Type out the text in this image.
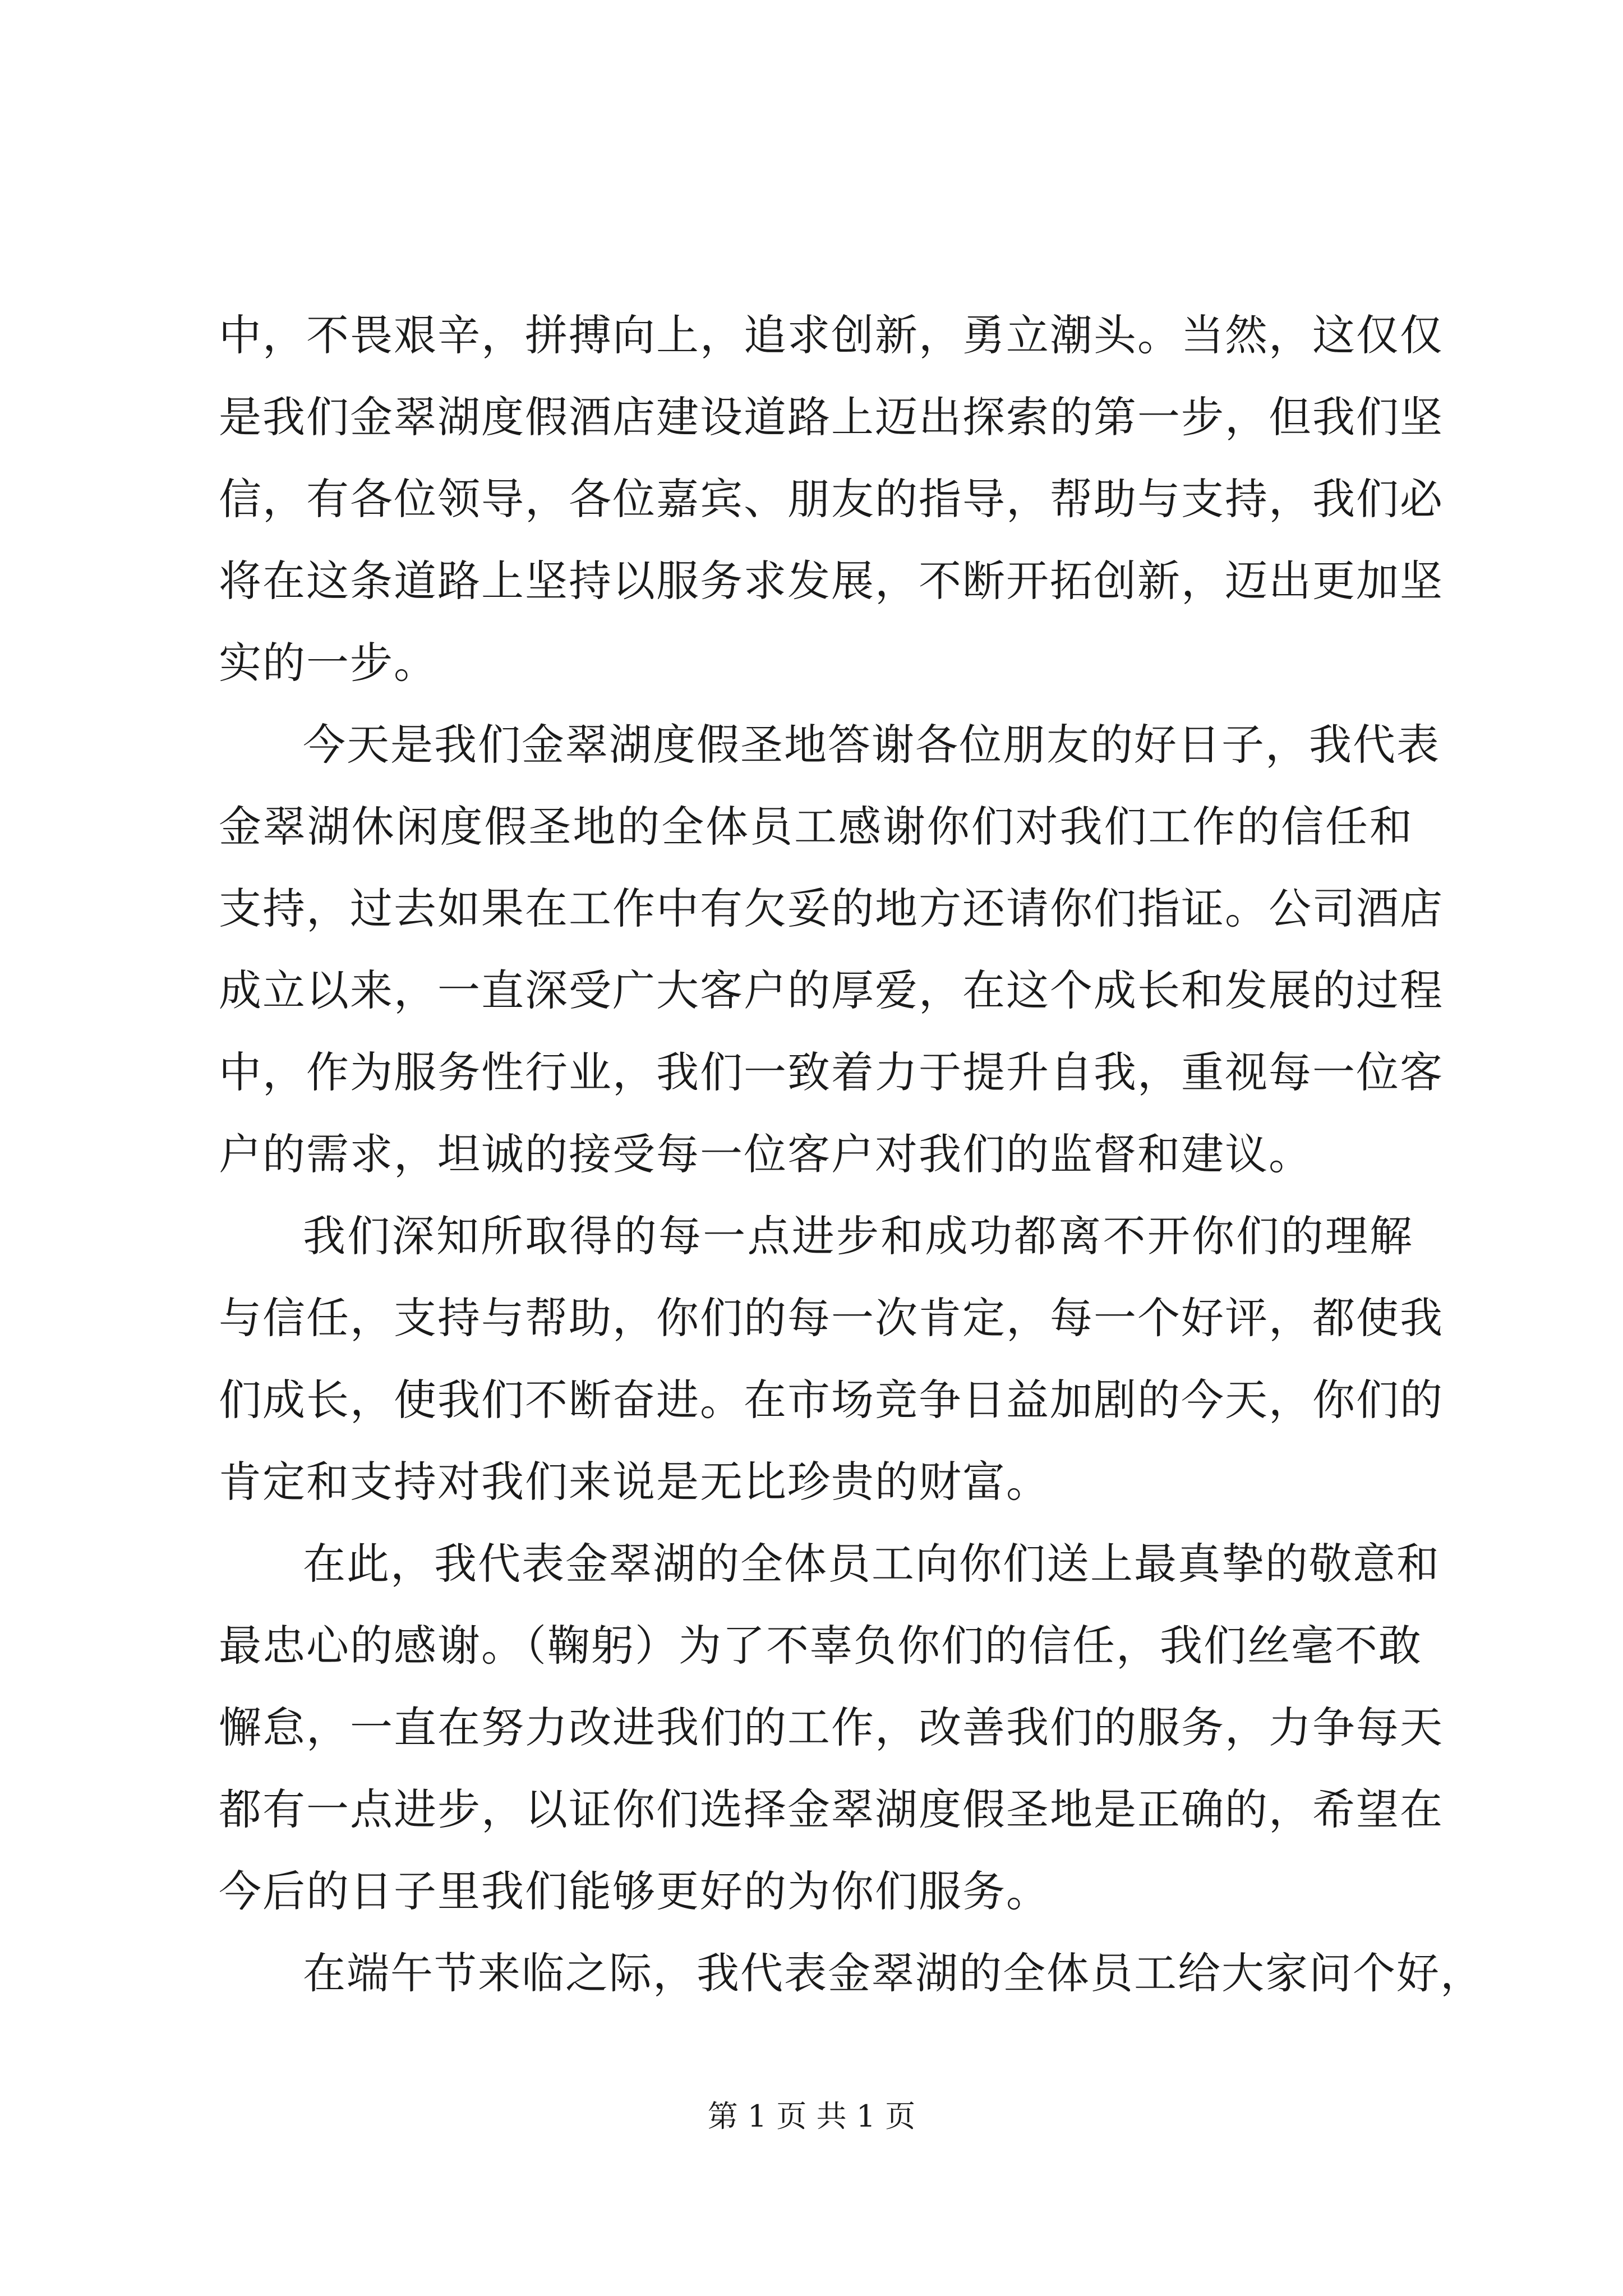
中，不畏艰辛，拼搏向上，追求创新，勇立潮头。当然，这仅仅
是我们金翠湖度假酒店建设道路上迈出探索的第一步，但我们坚
信，有各位领导，各位嘉宾、朋友的指导，帮助与支持，我们必
将在这条道路上坚持以服务求发展，不断开拓创新，迈出更加坚
实的一步。
今天是我们金翠湖度假圣地答谢各位朋友的好日子，我代表
金翠湖休闲度假圣地的全体员工感谢你们对我们工作的信任和
支持，过去如果在工作中有欠妥的地方还请你们指证。公司酒店
成立以来，一直深受广大客户的厚爱，在这个成长和发展的过程
中，作为服务性行业，我们一致着力于提升自我，重视每一位客
户的需求，坦诚的接受每一位客户对我们的监督和建议。
我们深知所取得的每一点进步和成功都离不开你们的理解
与信任，支持与帮助，你们的每一次肯定，每一个好评，都使我
们成长，使我们不断奋进。在市场竞争日益加剧的今天，你们的
肯定和支持对我们来说是无比珍贵的财富。
在此，我代表金翠湖的全体员工向你们送上最真挚的敬意和
最忠心的感谢。（鞠躬）为了不辜负你们的信任，我们丝毫不敢
懈怠，一直在努力改进我们的工作，改善我们的服务，力争每天
都有一点进步，以证你们选择金翠湖度假圣地是正确的，希望在
今后的日子里我们能够更好的为你们服务。
在端午节来临之际，我代表金翠湖的全体员工给大家问个好，
第 1 页 共 1 页
